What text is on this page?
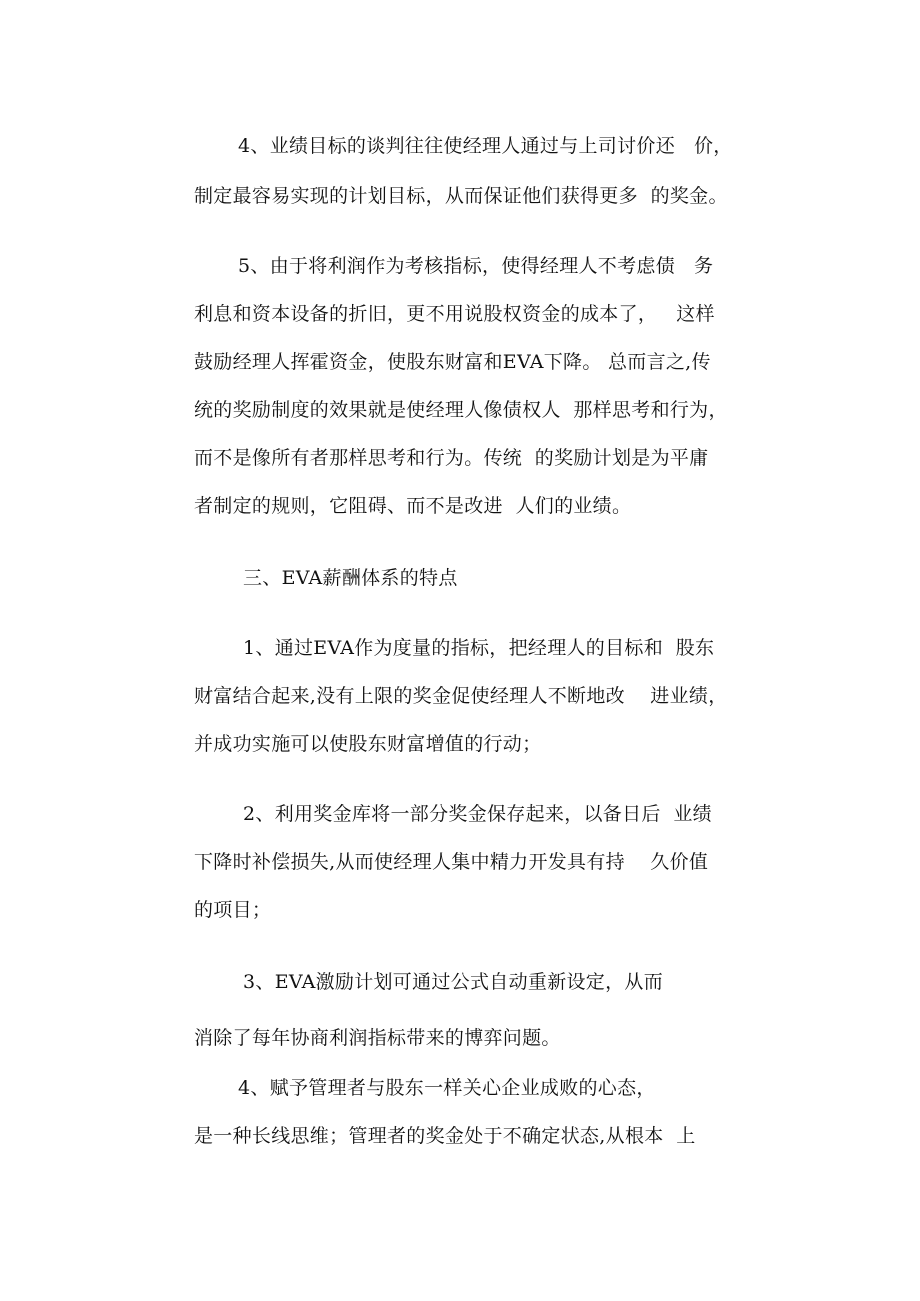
4、业绩目标的谈判往往使经理人通过与上司讨价还   价，
制定最容易实现的计划目标，从而保证他们获得更多  的奖金。
5、由于将利润作为考核指标，使得经理人不考虑债   务
利息和资本设备的折旧，更不用说股权资金的成本了，   这样
鼓励经理人挥霍资金，使股东财富和EVA下降。 总而言之,传
统的奖励制度的效果就是使经理人像债权人  那样思考和行为，
而不是像所有者那样思考和行为。传统  的奖励计划是为平庸
者制定的规则，它阻碍、而不是改进  人们的业绩。
三、EVA薪酬体系的特点
1、通过EVA作为度量的指标，把经理人的目标和  股东
财富结合起来,没有上限的奖金促使经理人不断地改    进业绩，
并成功实施可以使股东财富增值的行动；
2、利用奖金库将一部分奖金保存起来，以备日后  业绩
下降时补偿损失,从而使经理人集中精力开发具有持    久价值
的项目；
3、EVA激励计划可通过公式自动重新设定，从而
消除了每年协商利润指标带来的博弈问题。
4、赋予管理者与股东一样关心企业成败的心态，
是一种长线思维；管理者的奖金处于不确定状态,从根本  上
